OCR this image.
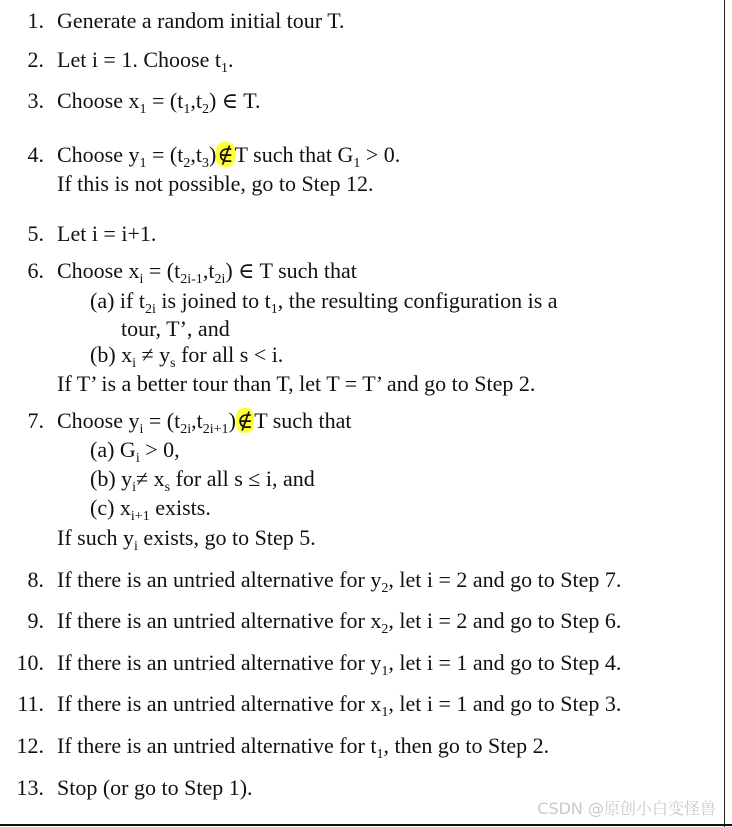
1. Generate a random initial tour T.
2. Let i = 1. Choose $t_1$.
3. Choose $x_1 = (t_1,t_2)$ ∈ T.
4. Choose $y_1$ = $(t_2,t_3)\notin T$ such that $G_1 > 0$.
If this is not possible, go to Step 12.
5. Let i = i+1.
6. Choose $x_i = (t_{2i-1},t_{2i})$ ∈ T such that
(a) if $t_{2i}$ is joined to $t_1$, the resulting configuration is a
tour, T’, and
(b) $x_i \ne y_s$ for all s < i.
If T’ is a better tour than T, let T = T’ and go to Step 2.
7. Choose $y_i$ = $(t_{2i},t_{2i+1})\notin T$ such that
(a) $G_i > 0$,
(b) $y_i\ne x_s$ for all s ≤ i, and
(c) $x_{i+1}$ exists.
If such $y_i$ exists, go to Step 5.
8. If there is an untried alternative for $y_2$, let i = 2 and go to Step 7.
9. If there is an untried alternative for $x_2$, let i = 2 and go to Step 6.
10. If there is an untried alternative for $y_1$, let i = 1 and go to Step 4.
11. If there is an untried alternative for $x_1$, let i = 1 and go to Step 3.
12. If there is an untried alternative for $t_1$, then go to Step 2.
13. Stop (or go to Step 1).
CSDN @原创小白变怪兽
